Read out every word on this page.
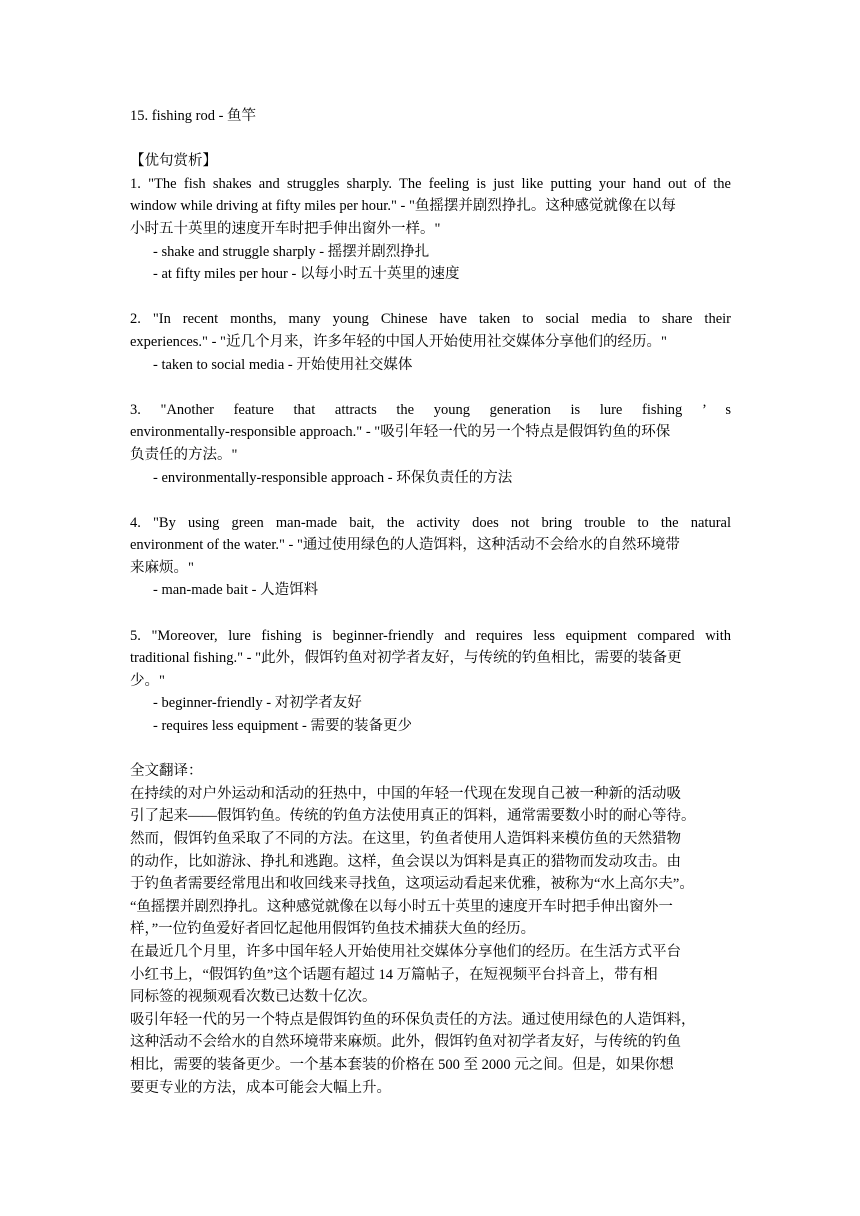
15. fishing rod - 鱼竿
【优句赏析】
1. "The fish shakes and struggles sharply. The feeling is just like putting your hand out of the
window while driving at fifty miles per hour." - "鱼摇摆并剧烈挣扎。这种感觉就像在以每
小时五十英里的速度开车时把手伸出窗外一样。"
- shake and struggle sharply - 摇摆并剧烈挣扎
- at fifty miles per hour - 以每小时五十英里的速度
2. "In recent months, many young Chinese have taken to social media to share their
experiences." - "近几个月来，许多年轻的中国人开始使用社交媒体分享他们的经历。"
- taken to social media - 开始使用社交媒体
3. "Another feature that attracts the young generation is lure fishing ’ s
environmentally-responsible approach." - "吸引年轻一代的另一个特点是假饵钓鱼的环保
负责任的方法。"
- environmentally-responsible approach - 环保负责任的方法
4. "By using green man-made bait, the activity does not bring trouble to the natural
environment of the water." - "通过使用绿色的人造饵料，这种活动不会给水的自然环境带
来麻烦。"
- man-made bait - 人造饵料
5. "Moreover, lure fishing is beginner-friendly and requires less equipment compared with
traditional fishing." - "此外，假饵钓鱼对初学者友好，与传统的钓鱼相比，需要的装备更
少。"
- beginner-friendly - 对初学者友好
- requires less equipment - 需要的装备更少
全文翻译：
在持续的对户外运动和活动的狂热中，中国的年轻一代现在发现自己被一种新的活动吸
引了起来——假饵钓鱼。传统的钓鱼方法使用真正的饵料，通常需要数小时的耐心等待。
然而，假饵钓鱼采取了不同的方法。在这里，钓鱼者使用人造饵料来模仿鱼的天然猎物
的动作，比如游泳、挣扎和逃跑。这样，鱼会误以为饵料是真正的猎物而发动攻击。由
于钓鱼者需要经常甩出和收回线来寻找鱼，这项运动看起来优雅，被称为“水上高尔夫”。
“鱼摇摆并剧烈挣扎。这种感觉就像在以每小时五十英里的速度开车时把手伸出窗外一
样，”一位钓鱼爱好者回忆起他用假饵钓鱼技术捕获大鱼的经历。
在最近几个月里，许多中国年轻人开始使用社交媒体分享他们的经历。在生活方式平台
小红书上，“假饵钓鱼”这个话题有超过 14 万篇帖子，在短视频平台抖音上，带有相
同标签的视频观看次数已达数十亿次。
吸引年轻一代的另一个特点是假饵钓鱼的环保负责任的方法。通过使用绿色的人造饵料，
这种活动不会给水的自然环境带来麻烦。此外，假饵钓鱼对初学者友好，与传统的钓鱼
相比，需要的装备更少。一个基本套装的价格在 500 至 2000 元之间。但是，如果你想
要更专业的方法，成本可能会大幅上升。
